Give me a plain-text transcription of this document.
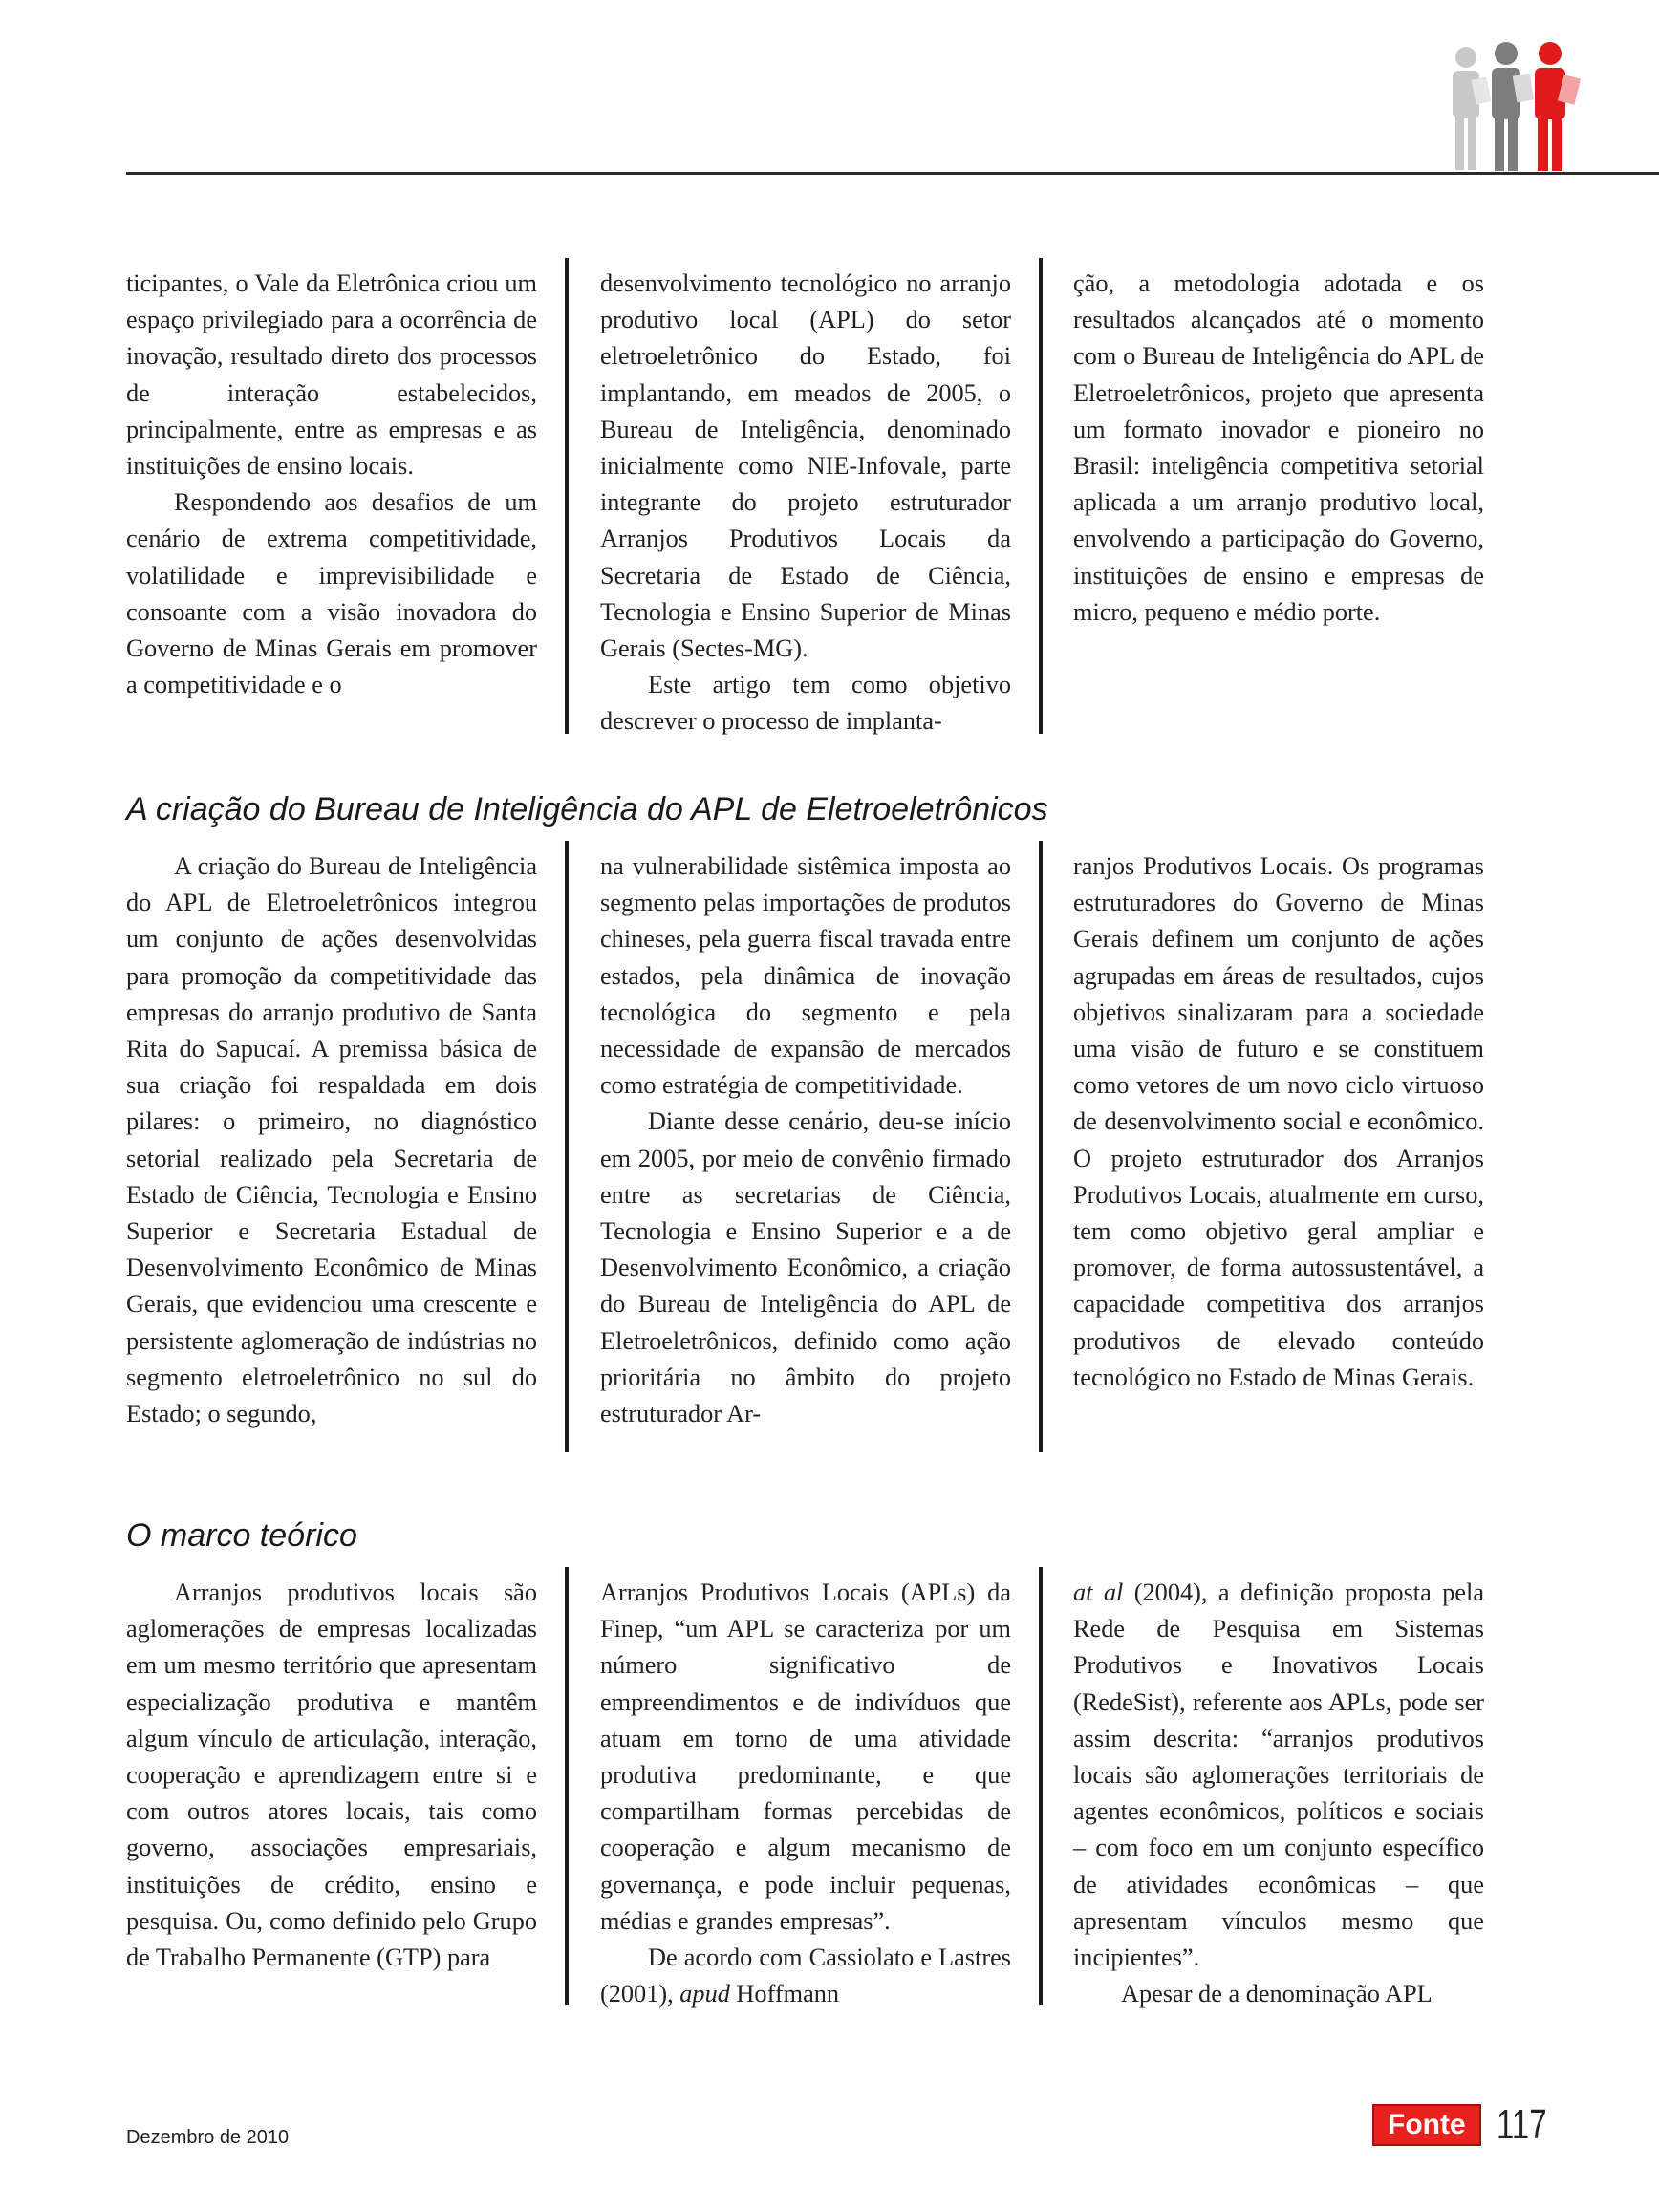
ticipantes, o Vale da Eletrônica criou um espaço privilegiado para a ocorrência de inovação, resultado direto dos processos de interação estabelecidos, principalmente, entre as empresas e as instituições de ensino locais.

Respondendo aos desafios de um cenário de extrema competitividade, volatilidade e imprevisibilidade e consoante com a visão inovadora do Governo de Minas Gerais em promover a competitividade e o

desenvolvimento tecnológico no arranjo produtivo local (APL) do setor eletroeletrônico do Estado, foi implantando, em meados de 2005, o Bureau de Inteligência, denominado inicialmente como NIE-Infovale, parte integrante do projeto estruturador Arranjos Produtivos Locais da Secretaria de Estado de Ciência, Tecnologia e Ensino Superior de Minas Gerais (Sectes-MG).

Este artigo tem como objetivo descrever o processo de implanta-

ção, a metodologia adotada e os resultados alcançados até o momento com o Bureau de Inteligência do APL de Eletroeletrônicos, projeto que apresenta um formato inovador e pioneiro no Brasil: inteligência competitiva setorial aplicada a um arranjo produtivo local, envolvendo a participação do Governo, instituições de ensino e empresas de micro, pequeno e médio porte.

A criação do Bureau de Inteligência do APL de Eletroeletrônicos

A criação do Bureau de Inteligência do APL de Eletroeletrônicos integrou um conjunto de ações desenvolvidas para promoção da competitividade das empresas do arranjo produtivo de Santa Rita do Sapucaí. A premissa básica de sua criação foi respaldada em dois pilares: o primeiro, no diagnóstico setorial realizado pela Secretaria de Estado de Ciência, Tecnologia e Ensino Superior e Secretaria Estadual de Desenvolvimento Econômico de Minas Gerais, que evidenciou uma crescente e persistente aglomeração de indústrias no segmento eletroeletrônico no sul do Estado; o segundo,

na vulnerabilidade sistêmica imposta ao segmento pelas importações de produtos chineses, pela guerra fiscal travada entre estados, pela dinâmica de inovação tecnológica do segmento e pela necessidade de expansão de mercados como estratégia de competitividade.

Diante desse cenário, deu-se início em 2005, por meio de convênio firmado entre as secretarias de Ciência, Tecnologia e Ensino Superior e a de Desenvolvimento Econômico, a criação do Bureau de Inteligência do APL de Eletroeletrônicos, definido como ação prioritária no âmbito do projeto estruturador Ar-

ranjos Produtivos Locais. Os programas estruturadores do Governo de Minas Gerais definem um conjunto de ações agrupadas em áreas de resultados, cujos objetivos sinalizaram para a sociedade uma visão de futuro e se constituem como vetores de um novo ciclo virtuoso de desenvolvimento social e econômico. O projeto estruturador dos Arranjos Produtivos Locais, atualmente em curso, tem como objetivo geral ampliar e promover, de forma autossustentável, a capacidade competitiva dos arranjos produtivos de elevado conteúdo tecnológico no Estado de Minas Gerais.

O marco teórico

Arranjos produtivos locais são aglomerações de empresas localizadas em um mesmo território que apresentam especialização produtiva e mantêm algum vínculo de articulação, interação, cooperação e aprendizagem entre si e com outros atores locais, tais como governo, associações empresariais, instituições de crédito, ensino e pesquisa. Ou, como definido pelo Grupo de Trabalho Permanente (GTP) para

Arranjos Produtivos Locais (APLs) da Finep, “um APL se caracteriza por um número significativo de empreendimentos e de indivíduos que atuam em torno de uma atividade produtiva predominante, e que compartilham formas percebidas de cooperação e algum mecanismo de governança, e pode incluir pequenas, médias e grandes empresas”.

De acordo com Cassiolato e Lastres (2001), apud Hoffmann

at al (2004), a definição proposta pela Rede de Pesquisa em Sistemas Produtivos e Inovativos Locais (RedeSist), referente aos APLs, pode ser assim descrita: “arranjos produtivos locais são aglomerações territoriais de agentes econômicos, políticos e sociais – com foco em um conjunto específico de atividades econômicas – que apresentam vínculos mesmo que incipientes”.

Apesar de a denominação APL

Dezembro de 2010	Fonte 117
